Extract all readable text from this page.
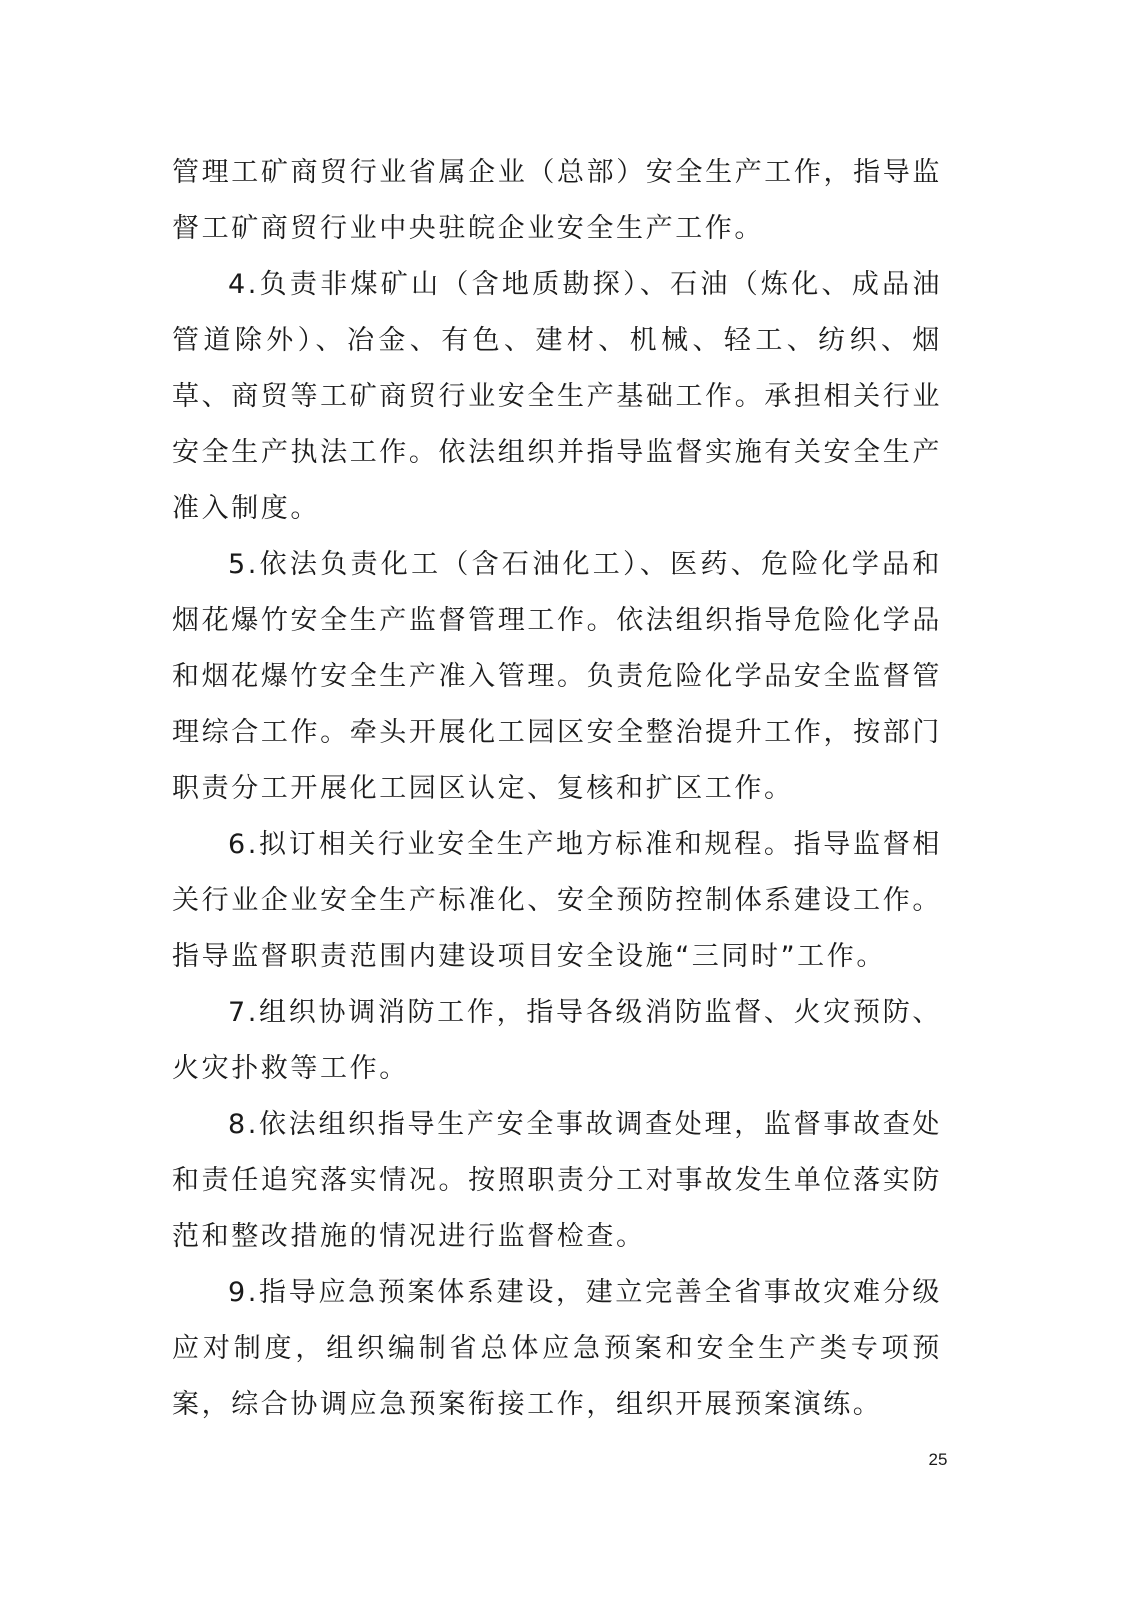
管理工矿商贸行业省属企业（总部）安全生产工作，指导监督工矿商贸行业中央驻皖企业安全生产工作。

4.负责非煤矿山（含地质勘探）、石油（炼化、成品油管道除外）、冶金、有色、建材、机械、轻工、纺织、烟草、商贸等工矿商贸行业安全生产基础工作。承担相关行业安全生产执法工作。依法组织并指导监督实施有关安全生产准入制度。

5.依法负责化工（含石油化工）、医药、危险化学品和烟花爆竹安全生产监督管理工作。依法组织指导危险化学品和烟花爆竹安全生产准入管理。负责危险化学品安全监督管理综合工作。牵头开展化工园区安全整治提升工作，按部门职责分工开展化工园区认定、复核和扩区工作。

6.拟订相关行业安全生产地方标准和规程。指导监督相关行业企业安全生产标准化、安全预防控制体系建设工作。指导监督职责范围内建设项目安全设施“三同时”工作。

7.组织协调消防工作，指导各级消防监督、火灾预防、火灾扑救等工作。

8.依法组织指导生产安全事故调查处理，监督事故查处和责任追究落实情况。按照职责分工对事故发生单位落实防范和整改措施的情况进行监督检查。

9.指导应急预案体系建设，建立完善全省事故灾难分级应对制度，组织编制省总体应急预案和安全生产类专项预案，综合协调应急预案衔接工作，组织开展预案演练。

25
